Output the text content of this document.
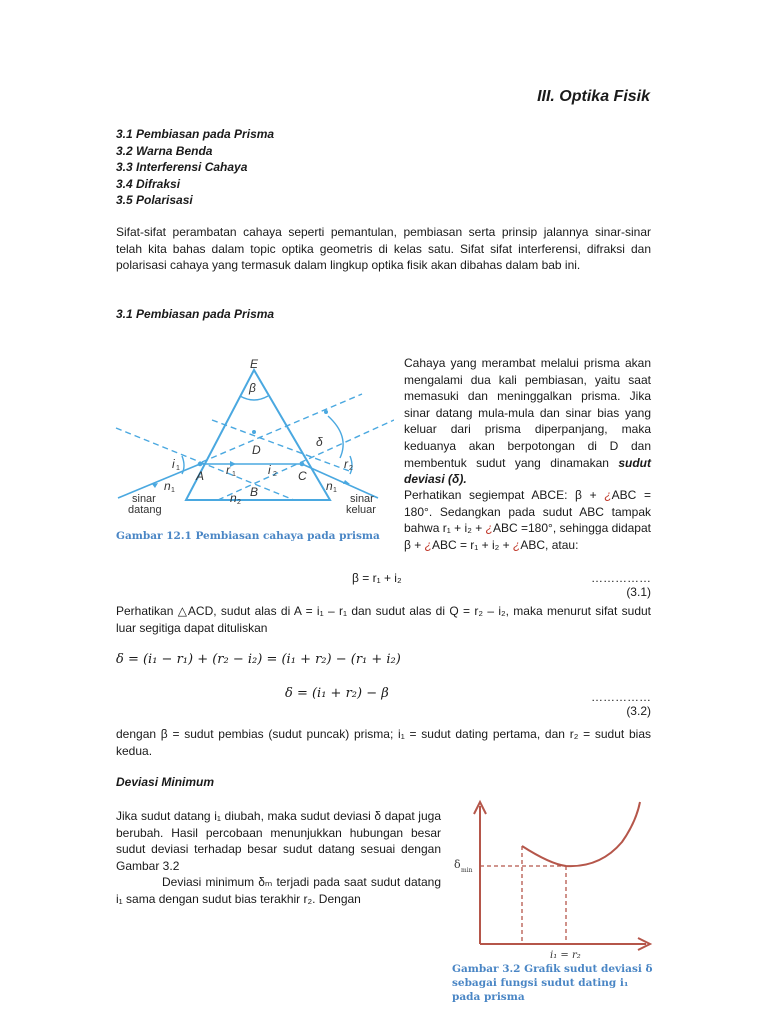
III. Optika Fisik
3.1 Pembiasan pada Prisma
3.2 Warna Benda
3.3 Interferensi Cahaya
3.4 Difraksi
3.5 Polarisasi
Sifat-sifat perambatan cahaya seperti pemantulan, pembiasan serta prinsip jalannya sinar-sinar telah kita bahas dalam topic optika geometris di kelas satu. Sifat sifat interferensi, difraksi dan polarisasi cahaya yang termasuk dalam lingkup optika fisik akan dibahas dalam bab ini.
3.1 Pembiasan pada Prisma
E
β
D
A
B
C
δ
i	r	i	r
n
n
n
1
1	2
2
1
2
1
sinar
datang
sinar
keluar
Gambar 12.1 Pembiasan cahaya pada prisma
Cahaya yang merambat melalui prisma akan mengalami dua kali pembiasan, yaitu saat memasuki dan meninggalkan prisma. Jika sinar datang mula-mula dan sinar bias yang keluar dari prisma diperpanjang, maka keduanya akan berpotongan di D dan membentuk sudut yang dinamakan sudut deviasi (δ).
Perhatikan segiempat ABCE: β + ¿ABC = 180°. Sedangkan pada sudut ABC tampak bahwa r₁ + i₂ + ¿ABC =180°, sehingga didapat β + ¿ABC = r₁ + i₂ + ¿ABC, atau:
β = r₁ + i₂	……………(3.1)
Perhatikan △ACD, sudut alas di A = i₁ – r₁ dan sudut alas di Q = r₂ – i₂, maka menurut sifat sudut luar segitiga dapat dituliskan
δ = (i₁ − r₁) + (r₂ − i₂) = (i₁ + r₂) − (r₁ + i₂)
δ = (i₁ + r₂) − β	……………(3.2)
dengan β = sudut pembias (sudut puncak) prisma; i₁ = sudut dating pertama, dan r₂ = sudut bias kedua.
Deviasi Minimum
Jika sudut datang i₁ diubah, maka sudut deviasi δ dapat juga berubah. Hasil percobaan menunjukkan hubungan besar sudut deviasi terhadap besar sudut datang sesuai dengan Gambar 3.2
Deviasi minimum δₘ terjadi pada saat sudut datang i₁ sama dengan sudut bias terakhir r₂. Dengan
δ min
i₁ = r₂
Gambar 3.2 Grafik sudut deviasi δ sebagai fungsi sudut dating i₁ pada prisma
